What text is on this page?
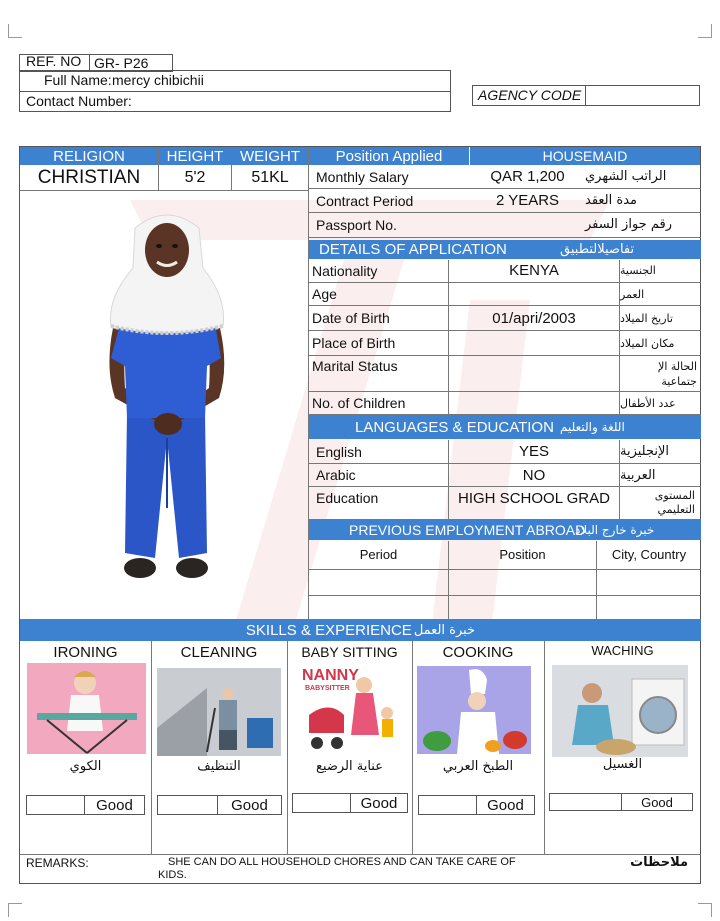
REF. NO GR- P26
Full Name: mercy chibichii
Contact Number:	AGENCY CODE
RELIGION	HEIGHT	WEIGHT	Position Applied	HOUSEMAID
CHRISTIAN	5'2	51KL	Monthly Salary	QAR 1,200	الراتب الشهري
Contract Period	2 YEARS	مدة العقد
Passport No.	رقم جواز السفر
DETAILS OF APPLICATION	تفاصيلالتطبيق
Nationality	KENYA	الجنسية
Age	العمر
Date of Birth	01/apri/2003	تاريخ الميلاد
Place of Birth	مكان الميلاد
Marital Status	الحالة الإ جتماعية
No. of Children	عدد الأطفال
LANGUAGES & EDUCATION اللغة والتعليم
English	YES	الإنجليزية
Arabic	NO	العربية
Education	HIGH SCHOOL GRAD	المستوى التعليمي
PREVIOUS EMPLOYMENT ABROAD
خبرة خارج البلاد
Period	Position	City, Country
SKILLS & EXPERIENCE خبرة العمل
IRONING
الكوي
Good
CLEANING
التنظيف
Good
BABY SITTING
NANNY
BABYSITTER
عناية الرضيع
Good
COOKING
الطبخ العربي
Good
WACHING
الغسيل
Good
REMARKS:	SHE CAN DO ALL HOUSEHOLD CHORES AND CAN TAKE CARE OF KIDS.
ملاحظات
